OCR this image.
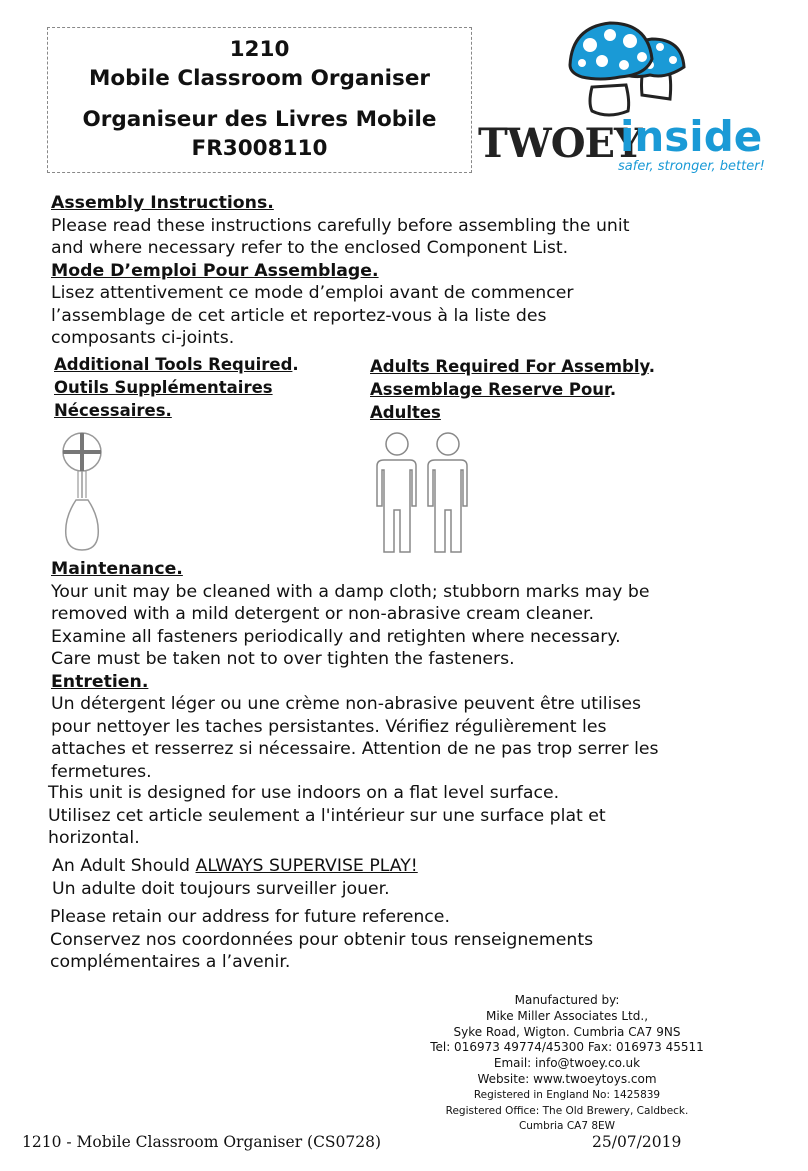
1210
Mobile Classroom Organiser
Organiseur des Livres Mobile
FR3008110	TWOEY
inside
safer, stronger, better!
Assembly Instructions.
Please read these instructions carefully before assembling the unit
and where necessary refer to the enclosed Component List.
Mode D’emploi Pour Assemblage.
Lisez attentivement ce mode d’emploi avant de commencer
l’assemblage de cet article et reportez-vous à la liste des
composants ci-joints.
Additional Tools Required.
Outils Supplémentaires
Nécessaires.
Adults Required For Assembly.
Assemblage Reserve Pour.
Adultes
Maintenance.
Your unit may be cleaned with a damp cloth; stubborn marks may be
removed with a mild detergent or non-abrasive cream cleaner.
Examine all fasteners periodically and retighten where necessary.
Care must be taken not to over tighten the fasteners.
Entretien.
Un détergent léger ou une crème non-abrasive peuvent être utilises
pour nettoyer les taches persistantes. Vérifiez régulièrement les
attaches et resserrez si nécessaire. Attention de ne pas trop serrer les
fermetures.
This unit is designed for use indoors on a flat level surface.
Utilisez cet article seulement a l'intérieur sur une surface plat et
horizontal.
An Adult Should ALWAYS SUPERVISE PLAY!
Un adulte doit toujours surveiller jouer.
Please retain our address for future reference.
Conservez nos coordonnées pour obtenir tous renseignements
complémentaires a l’avenir.
Manufactured by:
Mike Miller Associates Ltd.,
Syke Road, Wigton. Cumbria CA7 9NS
Tel: 016973 49774/45300 Fax: 016973 45511
Email: info@twoey.co.uk
Website: www.twoeytoys.com
Registered in England No: 1425839
Registered Office: The Old Brewery, Caldbeck.
Cumbria CA7 8EW
1210 - Mobile Classroom Organiser (CS0728)	25/07/2019
